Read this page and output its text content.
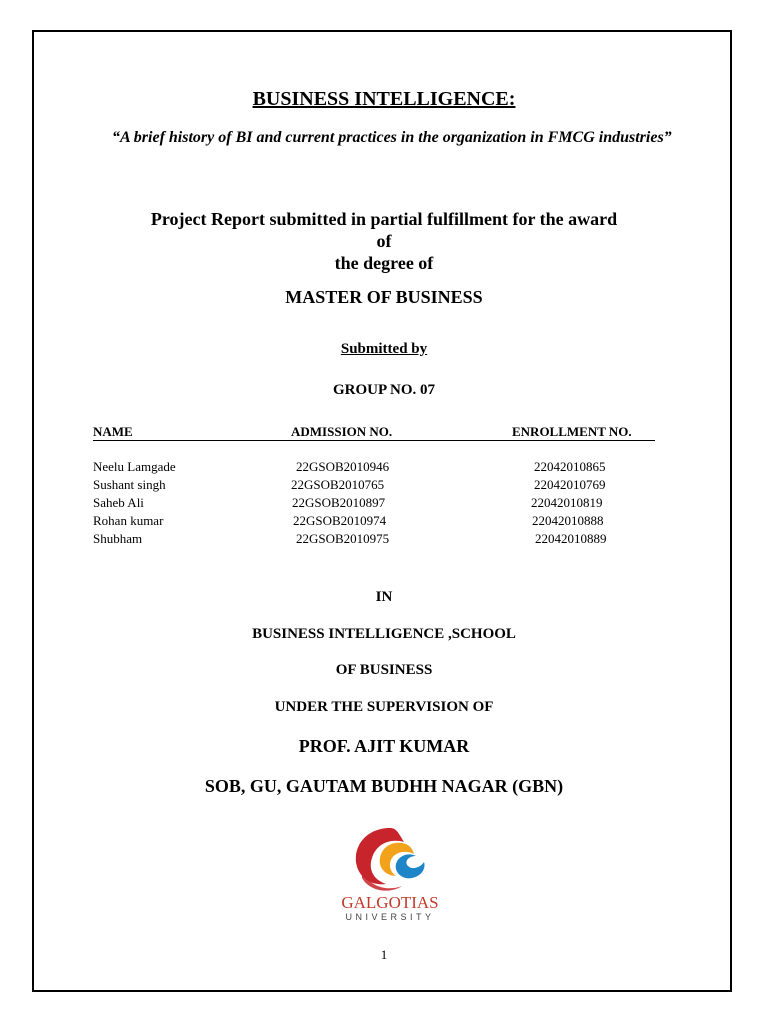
BUSINESS INTELLIGENCE:
“A brief history of BI and current practices in the organization in FMCG industries”
Project Report submitted in partial fulfillment for the award
of
the degree of
MASTER OF BUSINESS
Submitted by
GROUP NO. 07
NAME	ADMISSION NO.	ENROLLMENT NO.
Neelu Lamgade	22GSOB2010946	22042010865
Sushant singh	22GSOB2010765	22042010769
Saheb Ali	22GSOB2010897	22042010819
Rohan kumar	22GSOB2010974	22042010888
Shubham	22GSOB2010975	22042010889
IN
BUSINESS INTELLIGENCE ,SCHOOL
OF BUSINESS
UNDER THE SUPERVISION OF
PROF. AJIT KUMAR
SOB, GU, GAUTAM BUDHH NAGAR (GBN)
GALGOTIAS
UNIVERSITY
1
